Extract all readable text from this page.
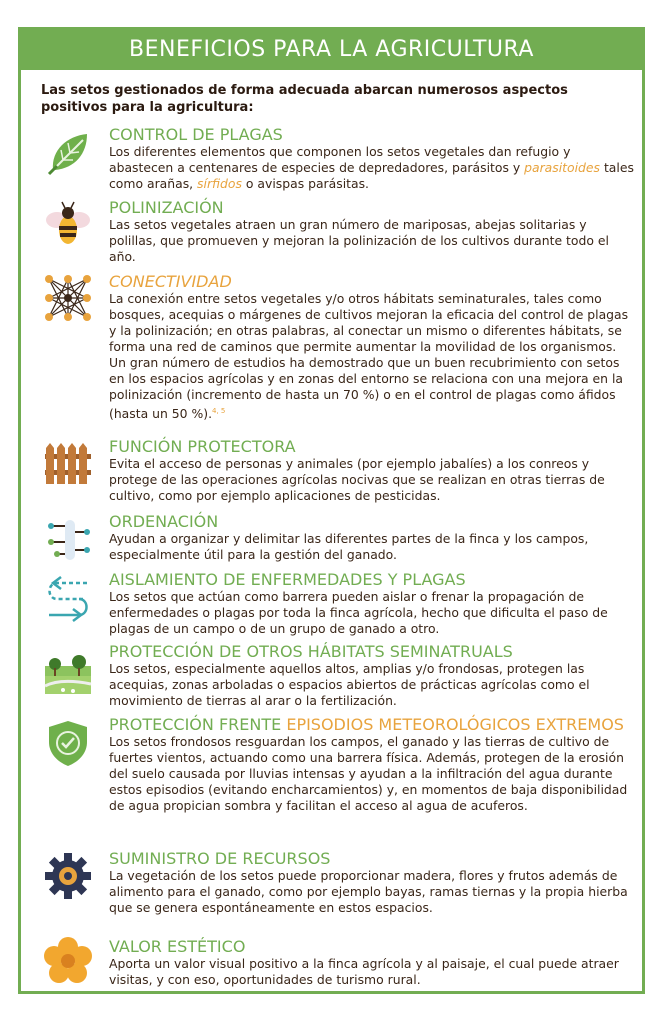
BENEFICIOS PARA LA AGRICULTURA
Las setos gestionados de forma adecuada abarcan numerosos aspectos positivos para la agricultura:
CONTROL DE PLAGAS

Los diferentes elementos que componen los setos vegetales dan refugio y abastecen a centenares de especies de depredadores, parásitos y parasitoides tales como arañas, sírfidos o avispas parásitas.

POLINIZACIÓN

Las setos vegetales atraen un gran número de mariposas, abejas solitarias y polillas, que promueven y mejoran la polinización de los cultivos durante todo el año.

CONECTIVIDAD

La conexión entre setos vegetales y/o otros hábitats seminaturales, tales como bosques, acequias o márgenes de cultivos mejoran la eficacia del control de plagas y la polinización; en otras palabras, al conectar un mismo o diferentes hábitats, se forma una red de caminos que permite aumentar la movilidad de los organismos. Un gran número de estudios ha demostrado que un buen recubrimiento con setos en los espacios agrícolas y en zonas del entorno se relaciona con una mejora en la polinización (incremento de hasta un 70 %) o en el control de plagas como áfidos (hasta un 50 %).$^{4, 5}$

FUNCIÓN PROTECTORA

Evita el acceso de personas y animales (por ejemplo jabalíes) a los conreos y protege de las operaciones agrícolas nocivas que se realizan en otras tierras de cultivo, como por ejemplo aplicaciones de pesticidas.

ORDENACIÓN

Ayudan a organizar y delimitar las diferentes partes de la finca y los campos, especialmente útil para la gestión del ganado.

AISLAMIENTO DE ENFERMEDADES Y PLAGAS

Los setos que actúan como barrera pueden aislar o frenar la propagación de enfermedades o plagas por toda la finca agrícola, hecho que dificulta el paso de plagas de un campo o de un grupo de ganado a otro.

PROTECCIÓN DE OTROS HÁBITATS SEMINATRUALS

Los setos, especialmente aquellos altos, amplias y/o frondosas, protegen las acequias, zonas arboladas o espacios abiertos de prácticas agrícolas como el movimiento de tierras al arar o la fertilización.

PROTECCIÓN FRENTE EPISODIOS METEOROLÓGICOS EXTREMOS

Los setos frondosos resguardan los campos, el ganado y las tierras de cultivo de fuertes vientos, actuando como una barrera física. Además, protegen de la erosión del suelo causada por lluvias intensas y ayudan a la infiltración del agua durante estos episodios (evitando encharcamientos) y, en momentos de baja disponibilidad de agua propician sombra y facilitan el acceso al agua de acuferos.

SUMINISTRO DE RECURSOS

La vegetación de los setos puede proporcionar madera, flores y frutos además de alimento para el ganado, como por ejemplo bayas, ramas tiernas y la propia hierba que se genera espontáneamente en estos espacios.

VALOR ESTÉTICO

Aporta un valor visual positivo a la finca agrícola y al paisaje, el cual puede atraer visitas, y con eso, oportunidades de turismo rural.
